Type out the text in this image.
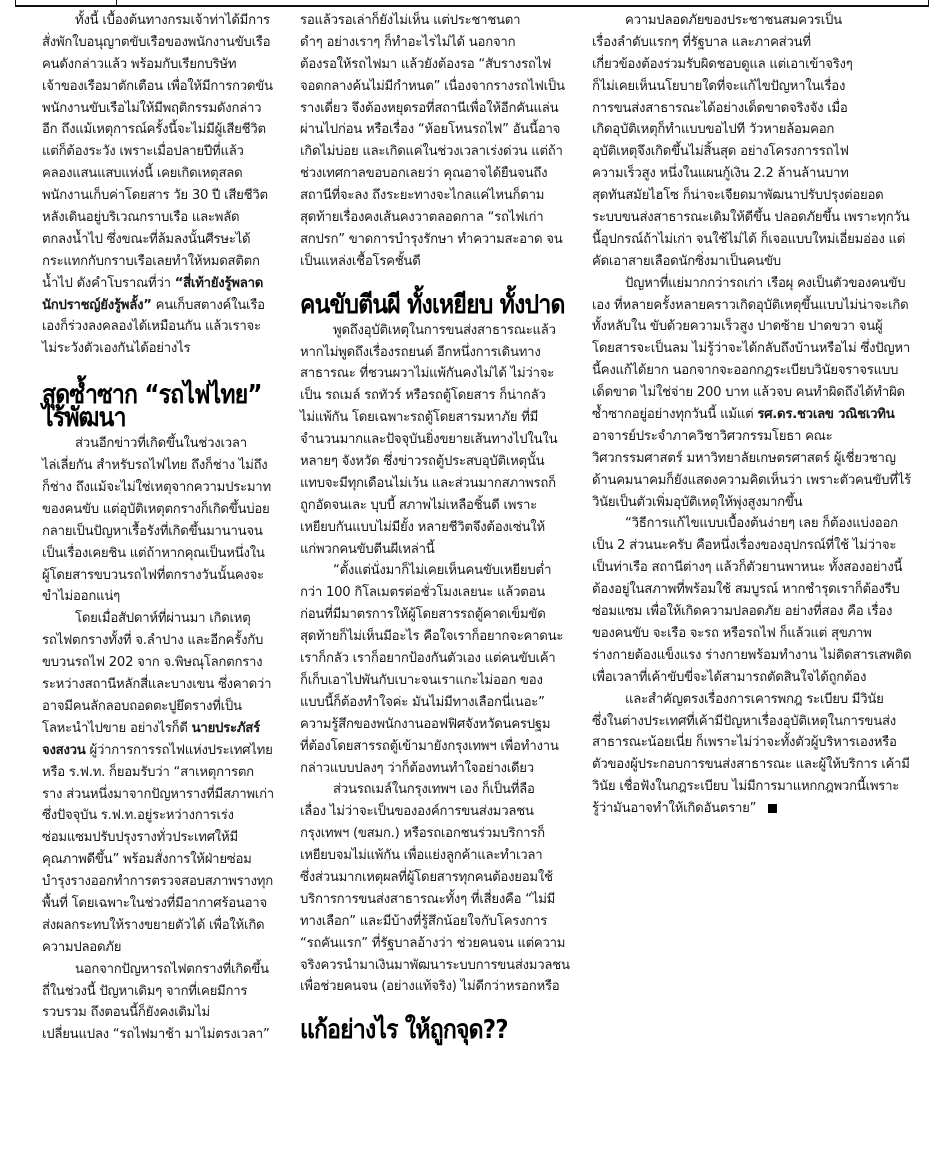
ทั้งนี้ เบื้องต้นทางกรมเจ้าท่าได้มีการ
สั่งพักใบอนุญาตขับเรือของพนักงานขับเรือ
คนดังกล่าวแล้ว พร้อมกับเรียกบริษัท
เจ้าของเรือมาตักเตือน เพื่อให้มีการกวดขัน
พนักงานขับเรือไม่ให้มีพฤติกรรมดังกล่าว
อีก ถึงแม้เหตุการณ์ครั้งนี้จะไม่มีผู้เสียชีวิต
แต่ก็ต้องระวัง เพราะเมื่อปลายปีที่แล้ว
คลองแสนแสบแห่งนี้ เคยเกิดเหตุสลด
พนักงานเก็บค่าโดยสาร วัย 30 ปี เสียชีวิต
หลังเดินอยู่บริเวณกราบเรือ และพลัด
ตกลงน้ำไป ซึ่งขณะที่ล้มลงนั้นศีรษะได้
กระแทกกับกราบเรือเลยทำให้หมดสติตก
น้ำไป ดังคำโบราณที่ว่า “สี่เท้ายังรู้พลาด
นักปราชญ์ยังรู้พลั้ง” คนเก็บสตางค์ในเรือ
เองก็ร่วงลงคลองได้เหมือนกัน แล้วเราจะ
ไม่ระวังตัวเองกันได้อย่างไร
สุดซ้ำซาก “รถไฟไทย”
ไร้พัฒนา
ส่วนอีกข่าวที่เกิดขึ้นในช่วงเวลา
ไล่เลี่ยกัน สำหรับรถไฟไทย ถึงก็ช่าง ไม่ถึง
ก็ช่าง ถึงแม้จะไม่ใช่เหตุจากความประมาท
ของคนขับ แต่อุบัติเหตุตกรางก็เกิดขึ้นบ่อย
กลายเป็นปัญหาเรื้อรังที่เกิดขึ้นมานานจน
เป็นเรื่องเคยชิน แต่ถ้าหากคุณเป็นหนึ่งใน
ผู้โดยสารขบวนรถไฟที่ตกรางวันนั้นคงจะ
ขำไม่ออกแน่ๆ
โดยเมื่อสัปดาห์ที่ผ่านมา เกิดเหตุ
รถไฟตกรางทั้งที่ จ.ลำปาง และอีกครั้งกับ
ขบวนรถไฟ 202 จาก จ.พิษณุโลกตกราง
ระหว่างสถานีหลักสี่และบางเขน ซึ่งคาดว่า
อาจมีคนลักลอบถอดตะปูยึดรางที่เป็น
โลหะนำไปขาย อย่างไรก็ดี นายประภัสร์
จงสงวน ผู้ว่าการการรถไฟแห่งประเทศไทย
หรือ ร.ฟ.ท. ก็ยอมรับว่า “สาเหตุการตก
ราง ส่วนหนึ่งมาจากปัญหารางที่มีสภาพเก่า
ซึ่งปัจจุบัน ร.ฟ.ท.อยู่ระหว่างการเร่ง
ซ่อมแซมปรับปรุงรางทั่วประเทศให้มี
คุณภาพดีขึ้น” พร้อมสั่งการให้ฝ่ายซ่อม
บำรุงรางออกทำการตรวจสอบสภาพรางทุก
พื้นที่ โดยเฉพาะในช่วงที่มีอากาศร้อนอาจ
ส่งผลกระทบให้รางขยายตัวได้ เพื่อให้เกิด
ความปลอดภัย
นอกจากปัญหารถไฟตกรางที่เกิดขึ้น
ถี่ในช่วงนี้ ปัญหาเดิมๆ จากที่เคยมีการ
รวบรวม ถึงตอนนี้ก็ยังคงเดิมไม่
เปลี่ยนแปลง “รถไฟมาช้า มาไม่ตรงเวลา”
รอแล้วรอเล่าก็ยังไม่เห็น แต่ประชาชนตา
ดำๆ อย่างเราๆ ก็ทำอะไรไม่ได้ นอกจาก
ต้องรอให้รถไฟมา แล้วยังต้องรอ “สับรางรถไฟ
จอดกลางค้นไม่มีกำหนด” เนื่องจากรางรถไฟเป็น
รางเดี่ยว จึงต้องหยุดรอที่สถานีเพื่อให้อีกคันแล่น
ผ่านไปก่อน หรือเรื่อง “ห้อยโหนรถไฟ” อันนี้อาจ
เกิดไม่บ่อย และเกิดแค่ในช่วงเวลาเร่งด่วน แต่ถ้า
ช่วงเทศกาลขอบอกเลยว่า คุณอาจได้ยืนจนถึง
สถานีที่จะลง ถึงระยะทางจะไกลแค่ไหนก็ตาม
สุดท้ายเรื่องคงเส้นคงวาตลอดกาล “รถไฟเก่า
สกปรก” ขาดการบำรุงรักษา ทำความสะอาด จน
เป็นแหล่งเชื้อโรคชั้นดี
คนขับตีนผี ทั้งเหยียบ ทั้งปาด
พูดถึงอุบัติเหตุในการขนส่งสาธารณะแล้ว
หากไม่พูดถึงเรื่องรถยนต์ อีกหนึ่งการเดินทาง
สาธารณะ ที่ชวนผวาไม่แพ้กันคงไม่ได้ ไม่ว่าจะ
เป็น รถเมล์ รถทัวร์ หรือรถตู้โดยสาร ก็น่ากลัว
ไม่แพ้กัน โดยเฉพาะรถตู้โดยสารมหาภัย ที่มี
จำนวนมากและปัจจุบันยิ่งขยายเส้นทางไปในใน
หลายๆ จังหวัด ซึ่งข่าวรถตู้ประสบอุบัติเหตุนั้น
แทบจะมีทุกเดือนไม่เว้น และส่วนมากสภาพรถก็
ถูกอัดจนเละ บุบบี้ สภาพไม่เหลือชิ้นดี เพราะ
เหยียบกันแบบไม่มียั้ง หลายชีวิตจึงต้องเซ่นให้
แก่พวกคนขับตีนผีเหล่านี้
“ตั้งแต่นั่งมาก็ไม่เคยเห็นคนขับเหยียบต่ำ
กว่า 100 กิโลเมตรต่อชั่วโมงเลยนะ แล้วตอน
ก่อนที่มีมาตรการให้ผู้โดยสารรถตู้คาดเข็มขัด
สุดท้ายก็ไม่เห็นมีอะไร คือใจเราก็อยากจะคาดนะ
เราก็กลัว เราก็อยากป้องกันตัวเอง แต่คนขับเค้า
ก็เก็บเอาไปพันกับเบาะจนเราแกะไม่ออก ของ
แบบนี้ก็ต้องทำใจค่ะ มันไม่มีทางเลือกนี่เนอะ”
ความรู้สึกของพนักงานออฟฟิศจังหวัดนครปฐม
ที่ต้องโดยสารรถตู้เข้ามายังกรุงเทพฯ เพื่อทำงาน
กล่าวแบบปลงๆ ว่าก็ต้องทนทำใจอย่างเดียว
ส่วนรถเมล์ในกรุงเทพฯ เอง ก็เป็นที่ลือ
เลื่อง ไม่ว่าจะเป็นขององค์การขนส่งมวลชน
กรุงเทพฯ (ขสมก.) หรือรถเอกชนร่วมบริการก็
เหยียบจมไม่แพ้กัน เพื่อแย่งลูกค้าและทำเวลา
ซึ่งส่วนมากเหตุผลที่ผู้โดยสารทุกคนต้องยอมใช้
บริการการขนส่งสาธารณะทั้งๆ ที่เสี่ยงคือ “ไม่มี
ทางเลือก” และมีบ้างที่รู้สึกน้อยใจกับโครงการ
“รถคันแรก” ที่รัฐบาลอ้างว่า ช่วยคนจน แต่ความ
จริงควรนำมาเงินมาพัฒนาระบบการขนส่งมวลชน
เพื่อช่วยคนจน (อย่างแท้จริง) ไม่ดีกว่าหรอกหรือ
แก้อย่างไร ให้ถูกจุด??
ความปลอดภัยของประชาชนสมควรเป็น
เรื่องลำดับแรกๆ ที่รัฐบาล และภาคส่วนที่
เกี่ยวข้องต้องร่วมรับผิดชอบดูแล แต่เอาเข้าจริงๆ
ก็ไม่เคยเห็นนโยบายใดที่จะแก้ไขปัญหาในเรื่อง
การขนส่งสาธารณะได้อย่างเด็ดขาดจริงจัง เมื่อ
เกิดอุบัติเหตุก็ทำแบบขอไปที วัวหายล้อมคอก
อุบัติเหตุจึงเกิดขึ้นไม่สิ้นสุด อย่างโครงการรถไฟ
ความเร็วสูง หนึ่งในแผนกู้เงิน 2.2 ล้านล้านบาท
สุดทันสมัยไฮโซ ก็น่าจะเจียดมาพัฒนาปรับปรุงต่อยอด
ระบบขนส่งสาธารณะเดิมให้ดีขึ้น ปลอดภัยขึ้น เพราะทุกวัน
นี้อุปกรณ์ถ้าไม่เก่า จนใช้ไม่ได้ ก็เจอแบบใหม่เอี่ยมอ่อง แต่
คัดเอาสายเลือดนักซิ่งมาเป็นคนขับ
ปัญหาที่แย่มากกว่ารถเก่า เรือผุ คงเป็นตัวของคนขับ
เอง ที่หลายครั้งหลายคราวเกิดอุบัติเหตุขึ้นแบบไม่น่าจะเกิด
ทั้งหลับใน ขับด้วยความเร็วสูง ปาดซ้าย ปาดขวา จนผู้
โดยสารจะเป็นลม ไม่รู้ว่าจะได้กลับถึงบ้านหรือไม่ ซึ่งปัญหา
นี้คงแก้ได้ยาก นอกจากจะออกกฎระเบียบวินัยจราจรแบบ
เด็ดขาด ไม่ใช่จ่าย 200 บาท แล้วจบ คนทำผิดถึงได้ทำผิด
ซ้ำซากอยู่อย่างทุกวันนี้ แม้แต่ รศ.ดร.ชวเลข วณิชเวทิน
อาจารย์ประจำภาควิชาวิศวกรรมโยธา คณะ
วิศวกรรมศาสตร์ มหาวิทยาลัยเกษตรศาสตร์ ผู้เชี่ยวชาญ
ด้านคมนาคมก็ยังแสดงความคิดเห็นว่า เพราะตัวคนขับที่ไร้
วินัยเป็นตัวเพิ่มอุบัติเหตุให้พุ่งสูงมากขึ้น
“วิธีการแก้ไขแบบเบื้องต้นง่ายๆ เลย ก็ต้องแบ่งออก
เป็น 2 ส่วนนะครับ คือหนึ่งเรื่องของอุปกรณ์ที่ใช้ ไม่ว่าจะ
เป็นท่าเรือ สถานีต่างๆ แล้วก็ตัวยานพาหนะ ทั้งสองอย่างนี้
ต้องอยู่ในสภาพที่พร้อมใช้ สมบูรณ์ หากชำรุดเราก็ต้องรีบ
ซ่อมแซม เพื่อให้เกิดความปลอดภัย อย่างที่สอง คือ เรื่อง
ของคนขับ จะเรือ จะรถ หรือรถไฟ ก็แล้วแต่ สุขภาพ
ร่างกายต้องแข็งแรง ร่างกายพร้อมทำงาน ไม่ติดสารเสพติด
เพื่อเวลาที่เค้าขับขี่จะได้สามารถตัดสินใจได้ถูกต้อง
และสำคัญตรงเรื่องการเคารพกฎ ระเบียบ มีวินัย
ซึ่งในต่างประเทศที่เค้ามีปัญหาเรื่องอุบัติเหตุในการขนส่ง
สาธารณะน้อยเนี่ย ก็เพราะไม่ว่าจะทั้งตัวผู้บริหารเองหรือ
ตัวของผู้ประกอบการขนส่งสาธารณะ และผู้ให้บริการ เค้ามี
วินัย เชื่อฟังในกฎระเบียบ ไม่มีการมาแหกกฎพวกนี้เพราะ
รู้ว่ามันอาจทำให้เกิดอันตราย”
